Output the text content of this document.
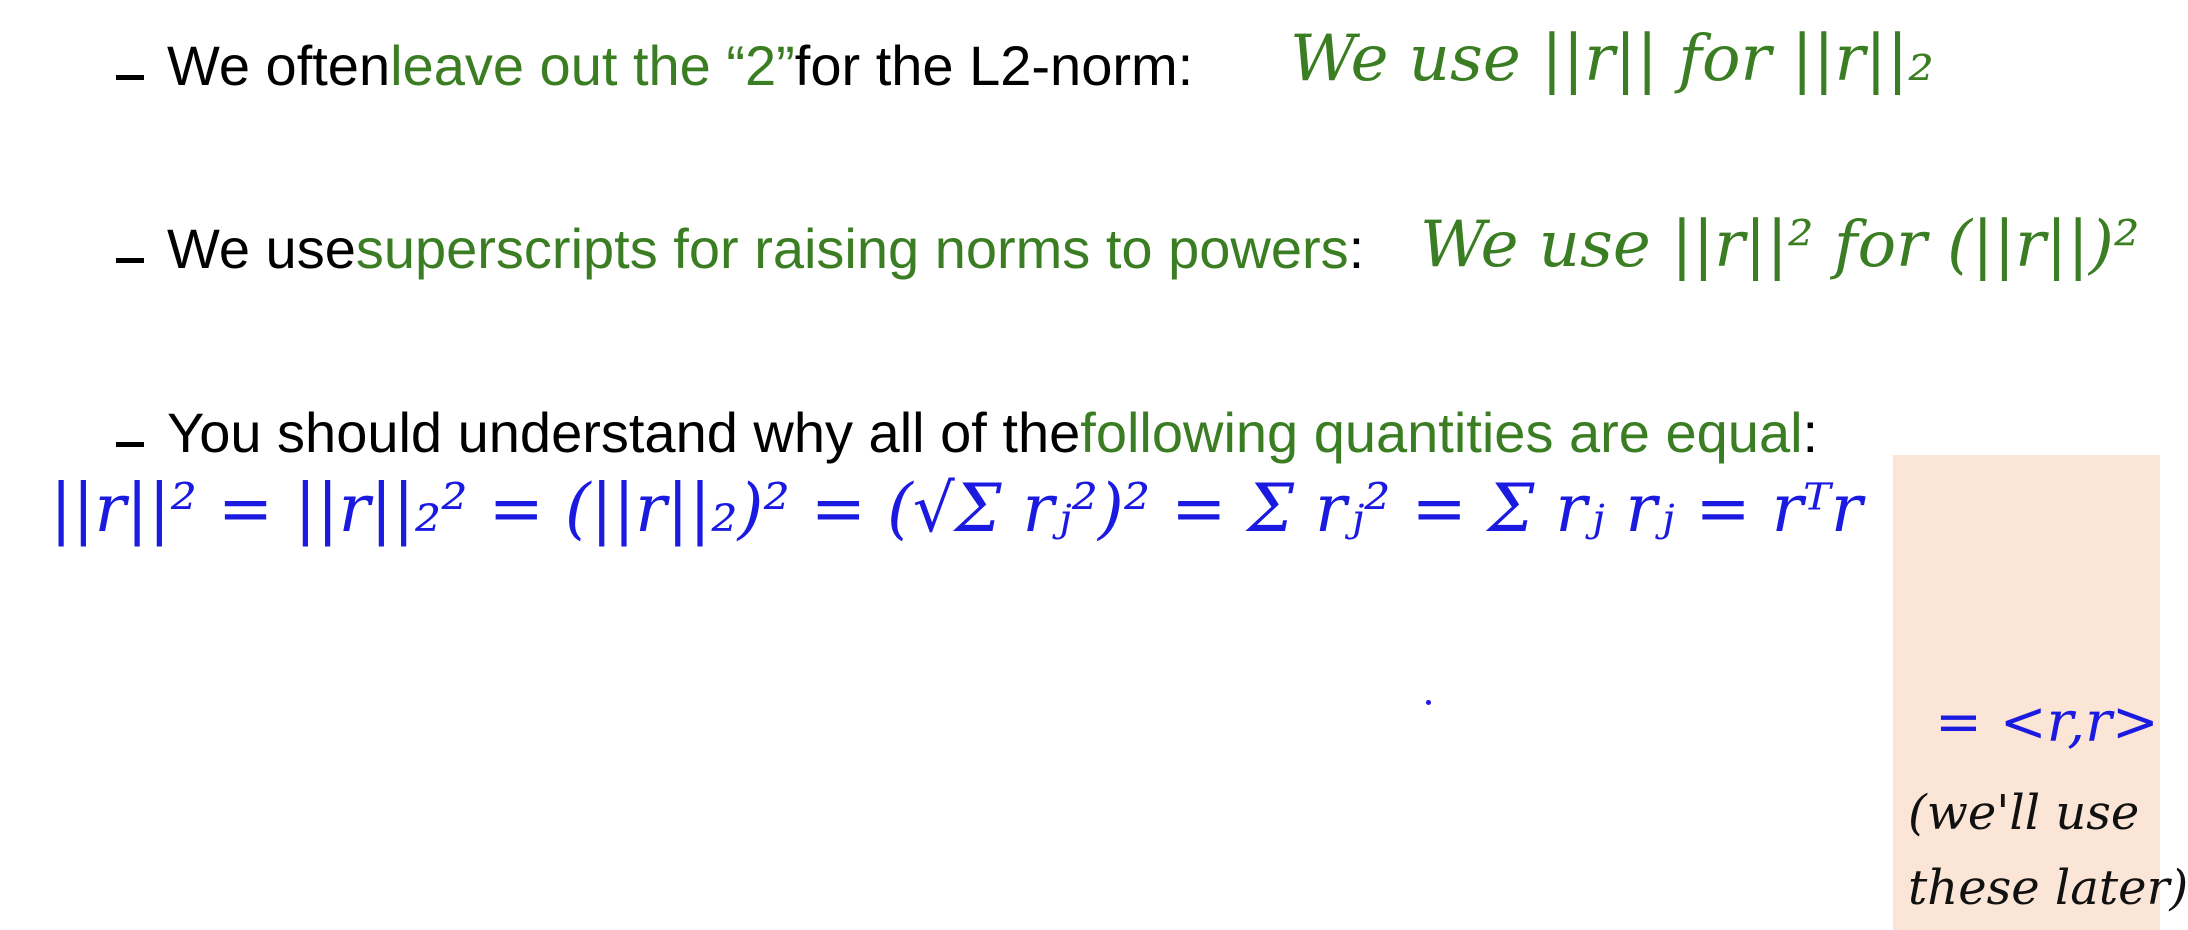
We often leave out the “2” for the L2-norm:
We use superscripts for raising norms to powers :
You should understand why all of the following quantities are equal :
We use ||r|| for ||r||₂
We use ||r||² for (||r||)²
||r||² = ||r||₂² = (||r||₂)² = (√Σ rⱼ²)² = Σ rⱼ² = Σ rⱼ rⱼ = rᵀr
= <r,r>
(we'll use
these later)
